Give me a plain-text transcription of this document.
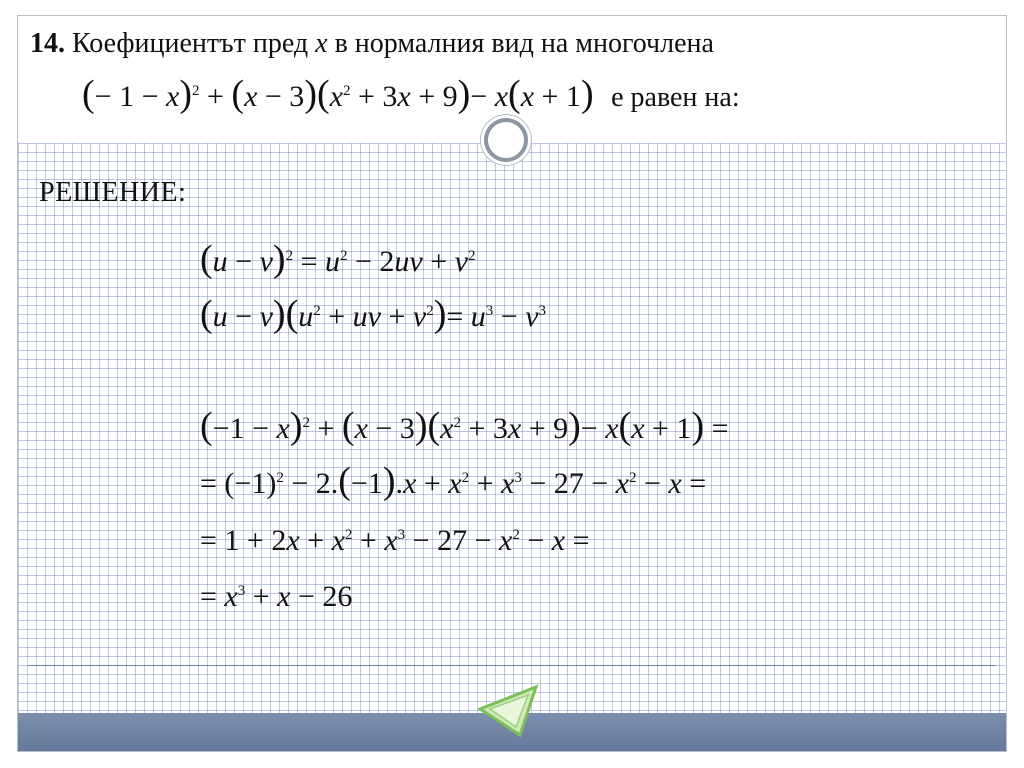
14. Коефициентът пред x в нормалния вид на многочлена
(− $1 - x)^2 + (x - 3)(x^2 + 3x + 9)- x(x + 1)$ е равен на:
РЕШЕНИЕ:
$(u - v)^2 = u^2 - 2uv + v^2$
$(u - v)(u^2$ + uv + $v^2)= u^3 - v^3$
$(-1 - x)^2 + (x - 3)(x^2 + 3x + 9)- x(x + 1)$ =
= $(-1)^2 - 2.(-1).x + x^2 + x^3 - 27 - x^2 - x$ =
= $1 + 2x + x^2 + x^3 - 27 - x^2 - x$ =
= $x^3 + x - 26$
